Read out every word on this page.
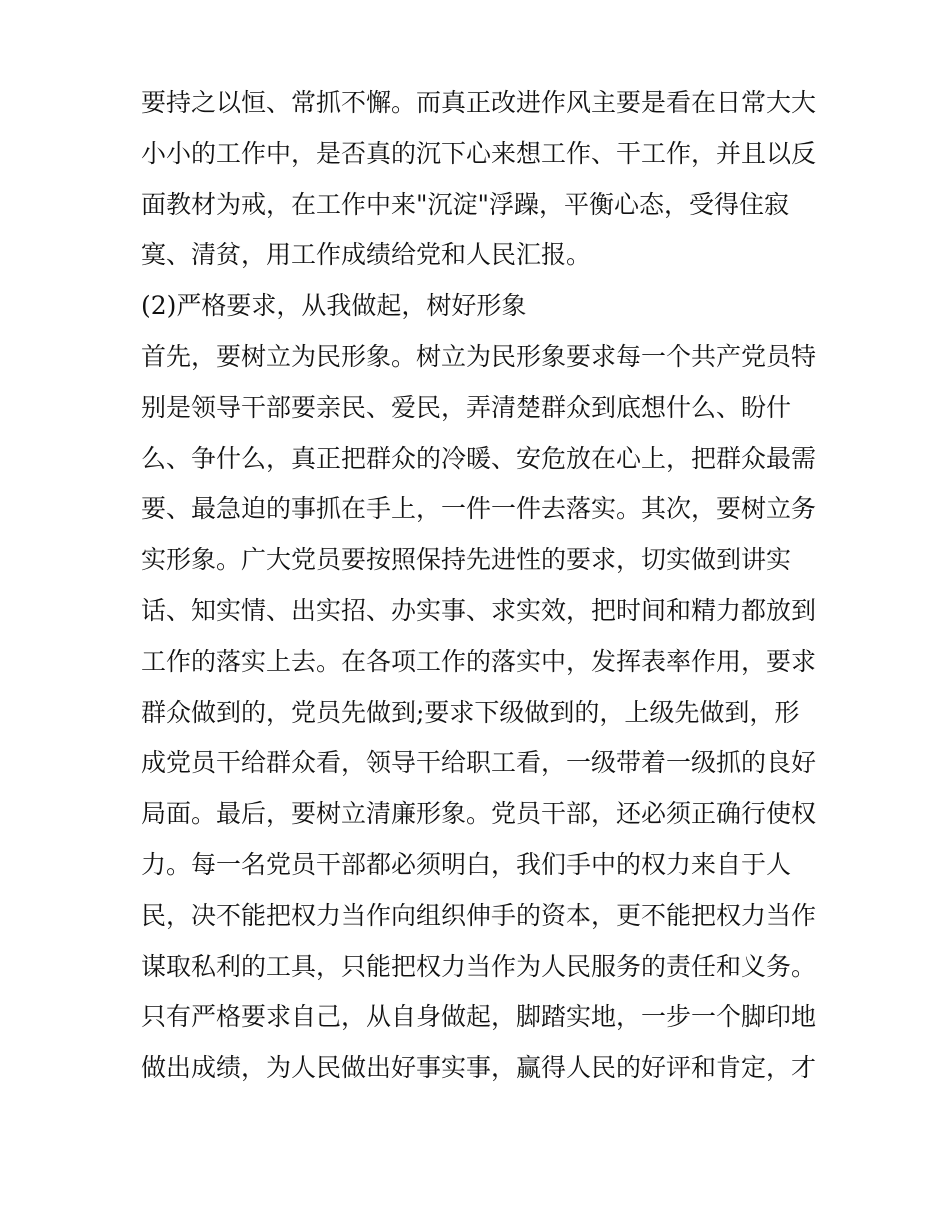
要持之以恒、常抓不懈。而真正改进作风主要是看在日常大大
小小的工作中，是否真的沉下心来想工作、干工作，并且以反
面教材为戒，在工作中来"沉淀"浮躁，平衡心态，受得住寂
寞、清贫，用工作成绩给党和人民汇报。
(2)严格要求，从我做起，树好形象
首先，要树立为民形象。树立为民形象要求每一个共产党员特
别是领导干部要亲民、爱民，弄清楚群众到底想什么、盼什
么、争什么，真正把群众的冷暖、安危放在心上，把群众最需
要、最急迫的事抓在手上，一件一件去落实。其次，要树立务
实形象。广大党员要按照保持先进性的要求，切实做到讲实
话、知实情、出实招、办实事、求实效，把时间和精力都放到
工作的落实上去。在各项工作的落实中，发挥表率作用，要求
群众做到的，党员先做到;要求下级做到的，上级先做到，形
成党员干给群众看，领导干给职工看，一级带着一级抓的良好
局面。最后，要树立清廉形象。党员干部，还必须正确行使权
力。每一名党员干部都必须明白，我们手中的权力来自于人
民，决不能把权力当作向组织伸手的资本，更不能把权力当作
谋取私利的工具，只能把权力当作为人民服务的责任和义务。
只有严格要求自己，从自身做起，脚踏实地，一步一个脚印地
做出成绩，为人民做出好事实事，赢得人民的好评和肯定，才
